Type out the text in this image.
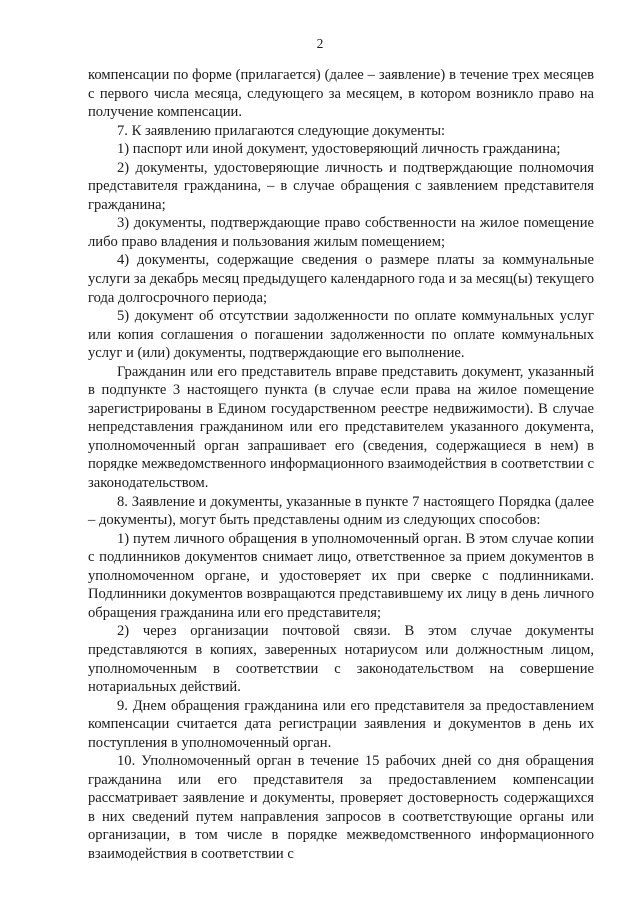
2

компенсации по форме (прилагается) (далее – заявление) в течение трех месяцев с первого числа месяца, следующего за месяцем, в котором возникло право на получение компенсации.

7. К заявлению прилагаются следующие документы:

1) паспорт или иной документ, удостоверяющий личность гражданина;

2) документы, удостоверяющие личность и подтверждающие полномочия представителя гражданина, – в случае обращения с заявлением представителя гражданина;

3) документы, подтверждающие право собственности на жилое помещение либо право владения и пользования жилым помещением;

4) документы, содержащие сведения о размере платы за коммунальные услуги за декабрь месяц предыдущего календарного года и за месяц(ы) текущего года долгосрочного периода;

5) документ об отсутствии задолженности по оплате коммунальных услуг или копия соглашения о погашении задолженности по оплате коммунальных услуг и (или) документы, подтверждающие его выполнение.

Гражданин или его представитель вправе представить документ, указанный в подпункте 3 настоящего пункта (в случае если права на жилое помещение зарегистрированы в Едином государственном реестре недвижимости). В случае непредставления гражданином или его представителем указанного документа, уполномоченный орган запрашивает его (сведения, содержащиеся в нем) в порядке межведомственного информационного взаимодействия в соответствии с законодательством.

8. Заявление и документы, указанные в пункте 7 настоящего Порядка (далее – документы), могут быть представлены одним из следующих способов:

1) путем личного обращения в уполномоченный орган. В этом случае копии с подлинников документов снимает лицо, ответственное за прием документов в уполномоченном органе, и удостоверяет их при сверке с подлинниками. Подлинники документов возвращаются представившему их лицу в день личного обращения гражданина или его представителя;

2) через организации почтовой связи. В этом случае документы представляются в копиях, заверенных нотариусом или должностным лицом, уполномоченным в соответствии с законодательством на совершение нотариальных действий.

9. Днем обращения гражданина или его представителя за предоставлением компенсации считается дата регистрации заявления и документов в день их поступления в уполномоченный орган.

10. Уполномоченный орган в течение 15 рабочих дней со дня обращения гражданина или его представителя за предоставлением компенсации рассматривает заявление и документы, проверяет достоверность содержащихся в них сведений путем направления запросов в соответствующие органы или организации, в том числе в порядке межведомственного информационного взаимодействия в соответствии с
